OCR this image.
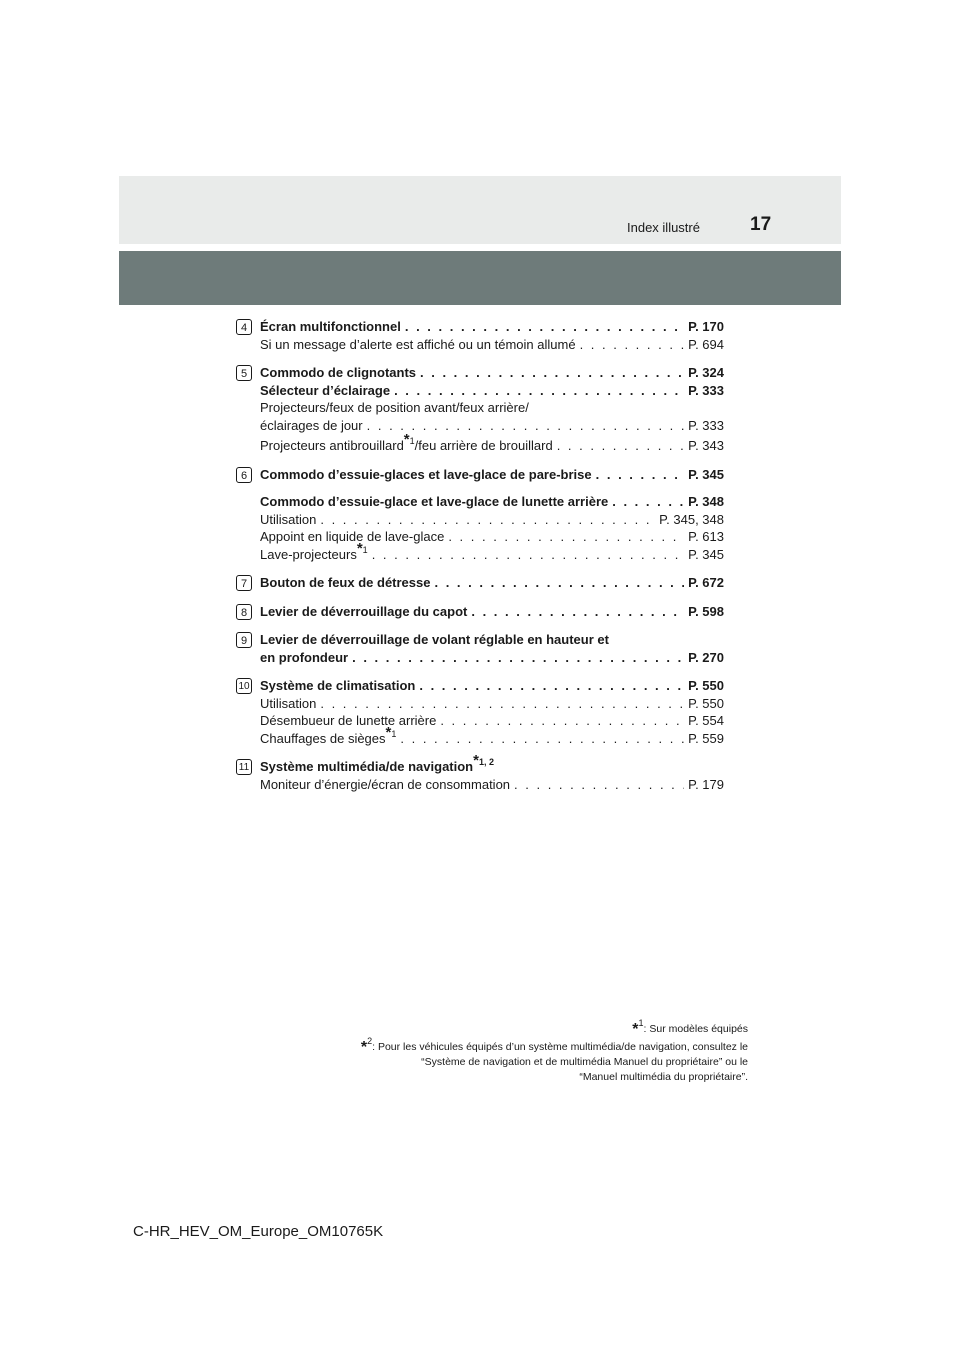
Index illustré	17
4 Écran multifonctionnel . . .	P. 170
Si un message d’alerte est affiché ou un témoin allumé . . .	P. 694
5 Commodo de clignotants . . .	P. 324
Sélecteur d’éclairage . . .	P. 333
Projecteurs/feux de position avant/feux arrière/
éclairages de jour . . .	P. 333
Projecteurs antibrouillard$^{*1}$/feu arrière de brouillard . . .	P. 343
6 Commodo d’essuie-glaces et lave-glace de pare-brise . . .	P. 345
Commodo d’essuie-glace et lave-glace de lunette arrière . . .	P. 348
Utilisation . . .	P. 345, 348
Appoint en liquide de lave-glace . . .	P. 613
Lave-projecteurs$^{*1}$ . . .	P. 345
7 Bouton de feux de détresse . . .	P. 672
8 Levier de déverrouillage du capot . . .	P. 598
9 Levier de déverrouillage de volant réglable en hauteur et
en profondeur . . .	P. 270
10 Système de climatisation . . .	P. 550
Utilisation . . .	P. 550
Désembueur de lunette arrière . . .	P. 554
Chauffages de sièges$^{*1}$ . . .	P. 559
11 Système multimédia/de navigation$^{*1, 2}$
Moniteur d’énergie/écran de consommation . . .	P. 179
*$^1$: Sur modèles équipés
*$^2$: Pour les véhicules équipés d’un système multimédia/de navigation, consultez le
“Système de navigation et de multimédia Manuel du propriétaire” ou le
“Manuel multimédia du propriétaire”.
C-HR_HEV_OM_Europe_OM10765K
